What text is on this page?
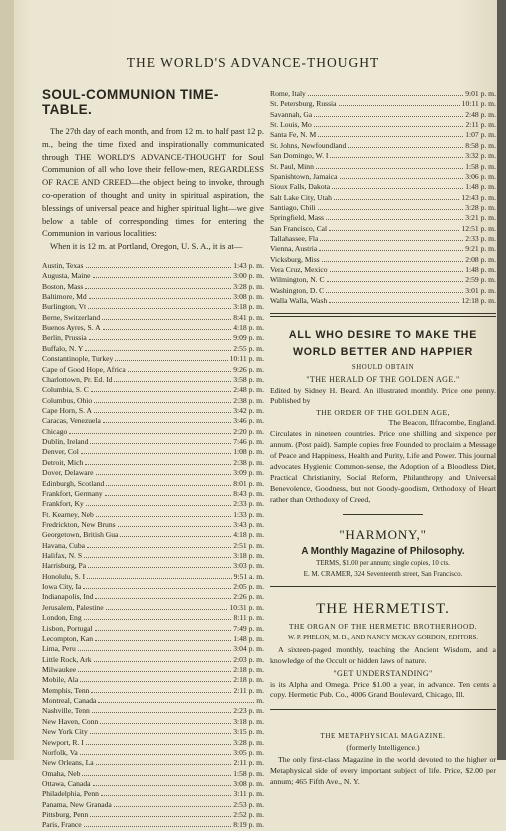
THE WORLD'S ADVANCE-THOUGHT
SOUL-COMMUNION TIME-TABLE.

The 27th day of each month, and from 12 m. to half past 12 p. m., being the time fixed and inspirationally communicated through THE WORLD'S ADVANCE-THOUGHT for Soul Communion of all who love their fellow-men, REGARDLESS OF RACE AND CREED—the object being to invoke, through co-operation of thought and unity in spiritual aspiration, the blessings of universal peace and higher spiritual light—we give below a table of corresponding times for entering the Communion in various localities:

When it is 12 m. at Portland, Oregon, U. S. A., it is at—

Austin, Texas	1:43 p. m.
Augusta, Maine	3:00 p. m.
Boston, Mass	3:28 p. m.
Baltimore, Md	3:08 p. m.
Burlington, Vt	3:18 p. m.
Berne, Switzerland	8:41 p. m.
Buenos Ayres, S. A	4:18 p. m.
Berlin, Prussia	9:09 p. m.
Buffalo, N. Y	2:55 p. m.
Constantinople, Turkey	10:11 p. m.
Cape of Good Hope, Africa	9:26 p. m.
Charlottown, Pr. Ed. Id	3:58 p. m.
Columbia, S. C	2:48 p. m.
Columbus, Ohio	2:38 p. m.
Cape Horn, S. A	3:42 p. m.
Caracas, Venezuela	3:46 p. m.
Chicago	2:20 p. m.
Dublin, Ireland	7:46 p. m.
Denver, Col	1:08 p. m.
Detroit, Mich	2:38 p. m.
Dover, Delaware	3:09 p. m.
Edinburgh, Scotland	8:01 p. m.
Frankfort, Germany	8:43 p. m.
Frankfort, Ky	2:33 p. m.
Ft. Kearney, Neb	1:33 p. m.
Fredrickton, New Bruns	3:43 p. m.
Georgetown, British Gua	4:18 p. m.
Havana, Cuba	2:51 p. m.
Halifax, N. S	3:18 p. m.
Harrisburg, Pa	3:03 p. m.
Honolulu, S. I	9:51 a. m.
Iowa City, Ia	2:05 p. m.
Indianapolis, Ind	2:26 p. m.
Jerusalem, Palestine	10:31 p. m.
London, Eng	8:11 p. m.
Lisbon, Portugal	7:49 p. m.
Lecompton, Kan	1:48 p. m.
Lima, Peru	3:04 p. m.
Little Rock, Ark	2:03 p. m.
Milwaukee	2:18 p. m.
Mobile, Ala	2:18 p. m.
Memphis, Tenn	2:11 p. m.
Montreal, Canada	m.
Nashville, Tenn	2:23 p. m.
New Haven, Conn	3:18 p. m.
New York City	3:15 p. m.
Newport, R. I	3:28 p. m.
Norfolk, Va	3:05 p. m.
New Orleans, La	2:11 p. m.
Omaha, Neb	1:58 p. m.
Ottawa, Canada	3:08 p. m.
Philadelphia, Penn	3:11 p. m.
Panama, New Granada	2:53 p. m.
Pittsburg, Penn	2:52 p. m.
Paris, France	8:19 p. m.
Rome, Italy	9:01 p. m.
St. Petersburg, Russia	10:11 p. m.
Savannah, Ga	2:48 p. m.
St. Louis, Mo	2:11 p. m.
Santa Fe, N. M	1:07 p. m.
St. Johns, Newfoundland	8:58 p. m.
San Domingo, W. I	3:32 p. m.
St. Paul, Minn	1:58 p. m.
Spanishtown, Jamaica	3:06 p. m.
Sioux Falls, Dakota	1:48 p. m.
Salt Lake City, Utah	12:43 p. m.
Santiago, Chili	3:28 p. m.
Springfield, Mass	3:21 p. m.
San Francisco, Cal	12:51 p. m.
Tallahassee, Fla	2:33 p. m.
Vienna, Austria	9:21 p. m.
Vicksburg, Miss	2:08 p. m.
Vera Cruz, Mexico	1:48 p. m.
Wilmington, N. C	2:59 p. m.
Washington, D. C	3:01 p. m.
Walla Walla, Wash	12:18 p. m.
ALL WHO DESIRE TO MAKE THE
WORLD BETTER AND HAPPIER
SHOULD OBTAIN
"THE HERALD OF THE GOLDEN AGE."

Edited by Sidney H. Beard. An illustrated monthly. Price one penny. Published by

THE ORDER OF THE GOLDEN AGE,
The Beacon, Ilfracombe, England.

Circulates in nineteen countries. Price one shilling and sixpence per annum. (Post paid). Sample copies free Founded to proclaim a Message of Peace and Happiness, Health and Purity, Life and Power. This journal advocates Hygienic Common-sense, the Adoption of a Bloodless Diet, Practical Christianity, Social Reform, Philanthropy and Universal Benevolence, Goodness, but not Goody-goodism, Orthodoxy of Heart rather than Orthodoxy of Creed,

"HARMONY,"
A Monthly Magazine of Philosophy.
TERMS, $1.00 per annum; single copies, 10 cts.
E. M. CRAMER, 324 Seventeenth street, San Francisco.
THE HERMETIST.
THE ORGAN OF THE HERMETIC BROTHERHOOD.
W. P. PHELON, M. D., AND NANCY MCKAY GORDON, EDITORS.

A sixteen-paged monthly, teaching the Ancient Wisdom, and a knowledge of the Occult or hidden laws of nature.

"GET UNDERSTANDING"

is its Alpha and Omega. Price $1.00 a year, in advance. Ten cents a copy. Hermetic Pub. Co., 4006 Grand Boulevard, Chicago, Ill.

THE METAPHYSICAL MAGAZINE.
(formerly Intelligence.)

The only first-class Magazine in the world devoted to the higher or Metaphysical side of every important subject of life. Price, $2.00 per annum; 465 Fifth Ave., N. Y.
